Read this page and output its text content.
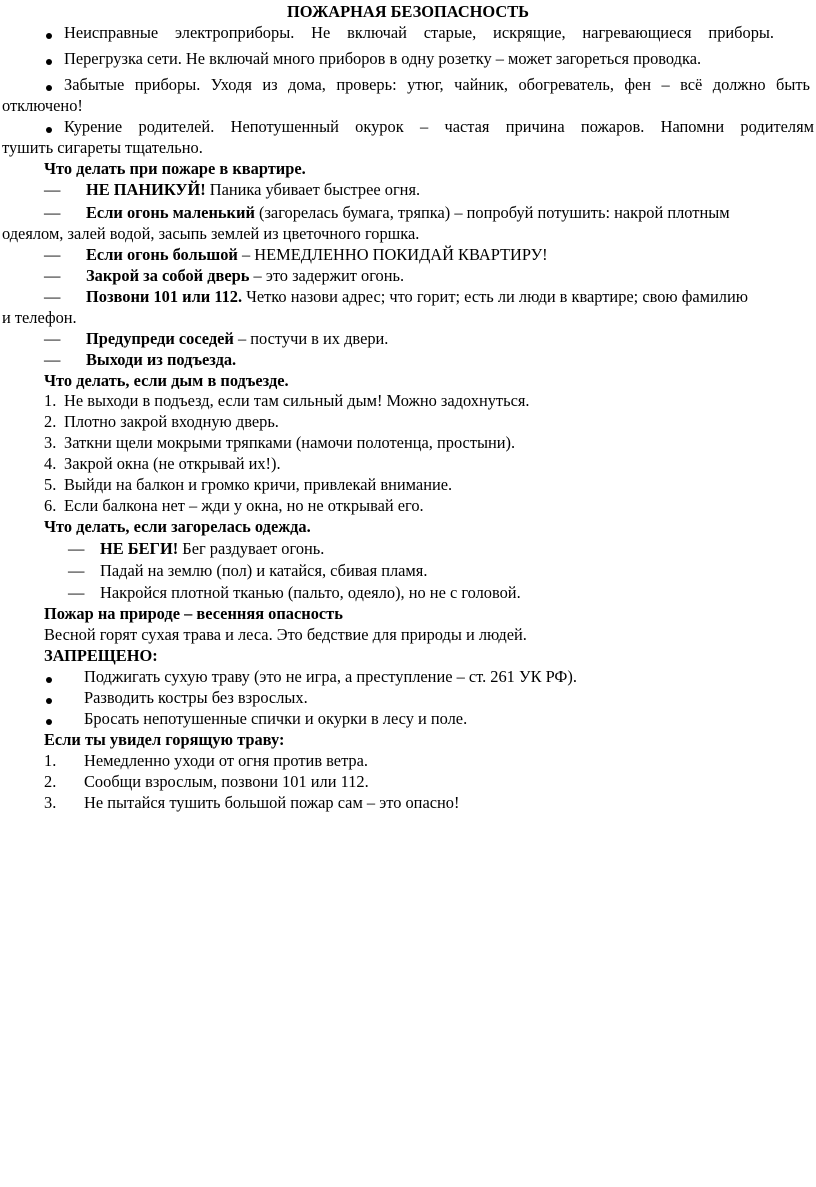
ПОЖАРНАЯ БЕЗОПАСНОСТЬ
Неисправные электроприборы. Не включай старые, искрящие, нагревающиеся приборы.
Перегрузка сети. Не включай много приборов в одну розетку – может загореться проводка.
Забытые приборы. Уходя из дома, проверь: утюг, чайник, обогреватель, фен – всё должно быть
отключено!
Курение родителей. Непотушенный окурок – частая причина пожаров. Напомни родителям
тушить сигареты тщательно.
Что делать при пожаре в квартире.
— НЕ ПАНИКУЙ! Паника убивает быстрее огня.
— Если огонь маленький (загорелась бумага, тряпка) – попробуй потушить: накрой плотным
одеялом, залей водой, засыпь землей из цветочного горшка.
— Если огонь большой – НЕМЕДЛЕННО ПОКИДАЙ КВАРТИРУ!
— Закрой за собой дверь – это задержит огонь.
— Позвони 101 или 112. Четко назови адрес; что горит; есть ли люди в квартире; свою фамилию
и телефон.
— Предупреди соседей – постучи в их двери.
— Выходи из подъезда.
Что делать, если дым в подъезде.
1. Не выходи в подъезд, если там сильный дым! Можно задохнуться.
2. Плотно закрой входную дверь.
3. Заткни щели мокрыми тряпками (намочи полотенца, простыни).
4. Закрой окна (не открывай их!).
5. Выйди на балкон и громко кричи, привлекай внимание.
6. Если балкона нет – жди у окна, но не открывай его.
Что делать, если загорелась одежда.
— НЕ БЕГИ! Бег раздувает огонь.
— Падай на землю (пол) и катайся, сбивая пламя.
— Накройся плотной тканью (пальто, одеяло), но не с головой.
Пожар на природе – весенняя опасность
Весной горят сухая трава и леса. Это бедствие для природы и людей.
ЗАПРЕЩЕНО:
Поджигать сухую траву (это не игра, а преступление – ст. 261 УК РФ).
Разводить костры без взрослых.
Бросать непотушенные спички и окурки в лесу и поле.
Если ты увидел горящую траву:
1. Немедленно уходи от огня против ветра.
2. Сообщи взрослым, позвони 101 или 112.
3. Не пытайся тушить большой пожар сам – это опасно!
